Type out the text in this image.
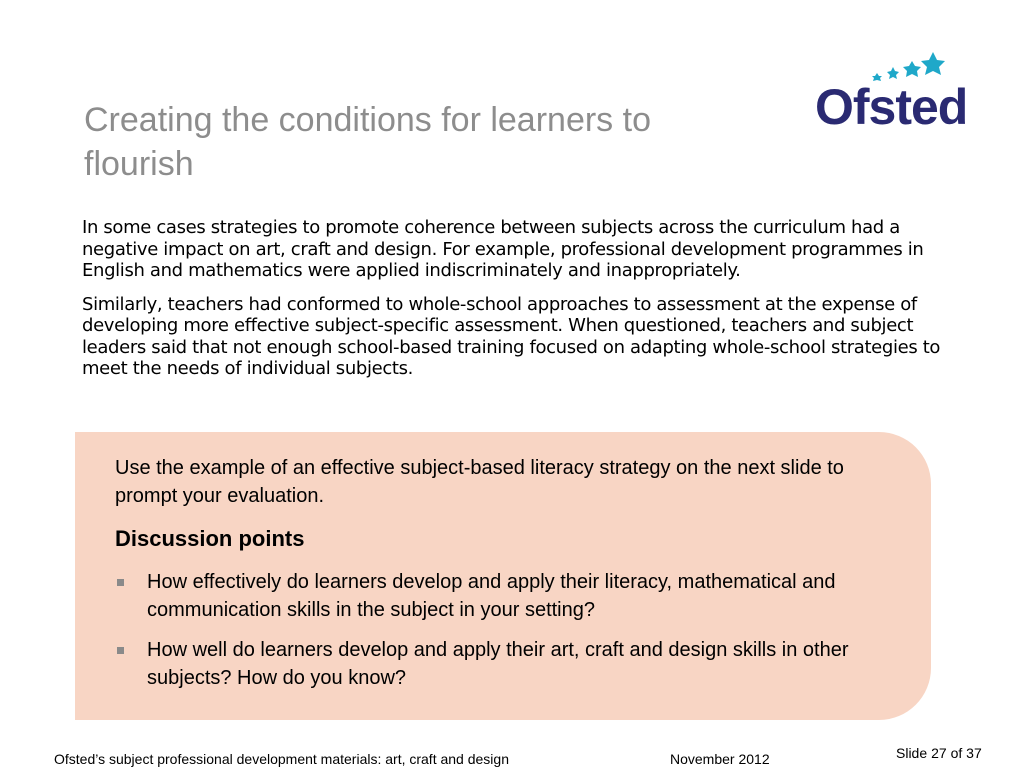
Creating the conditions for learners to
flourish
Ofsted

In some cases strategies to promote coherence between subjects across the curriculum had a negative impact on art, craft and design. For example, professional development programmes in English and mathematics were applied indiscriminately and inappropriately.

Similarly, teachers had conformed to whole-school approaches to assessment at the expense of developing more effective subject-specific assessment. When questioned, teachers and subject leaders said that not enough school-based training focused on adapting whole-school strategies to meet the needs of individual subjects.

Use the example of an effective subject-based literacy strategy on the next slide to prompt your evaluation.

Discussion points
How effectively do learners develop and apply their literacy, mathematical and communication skills in the subject in your setting?
How well do learners develop and apply their art, craft and design skills in other subjects? How do you know?
Ofsted’s subject professional development materials: art, craft and design	November 2012	Slide 27 of 37
